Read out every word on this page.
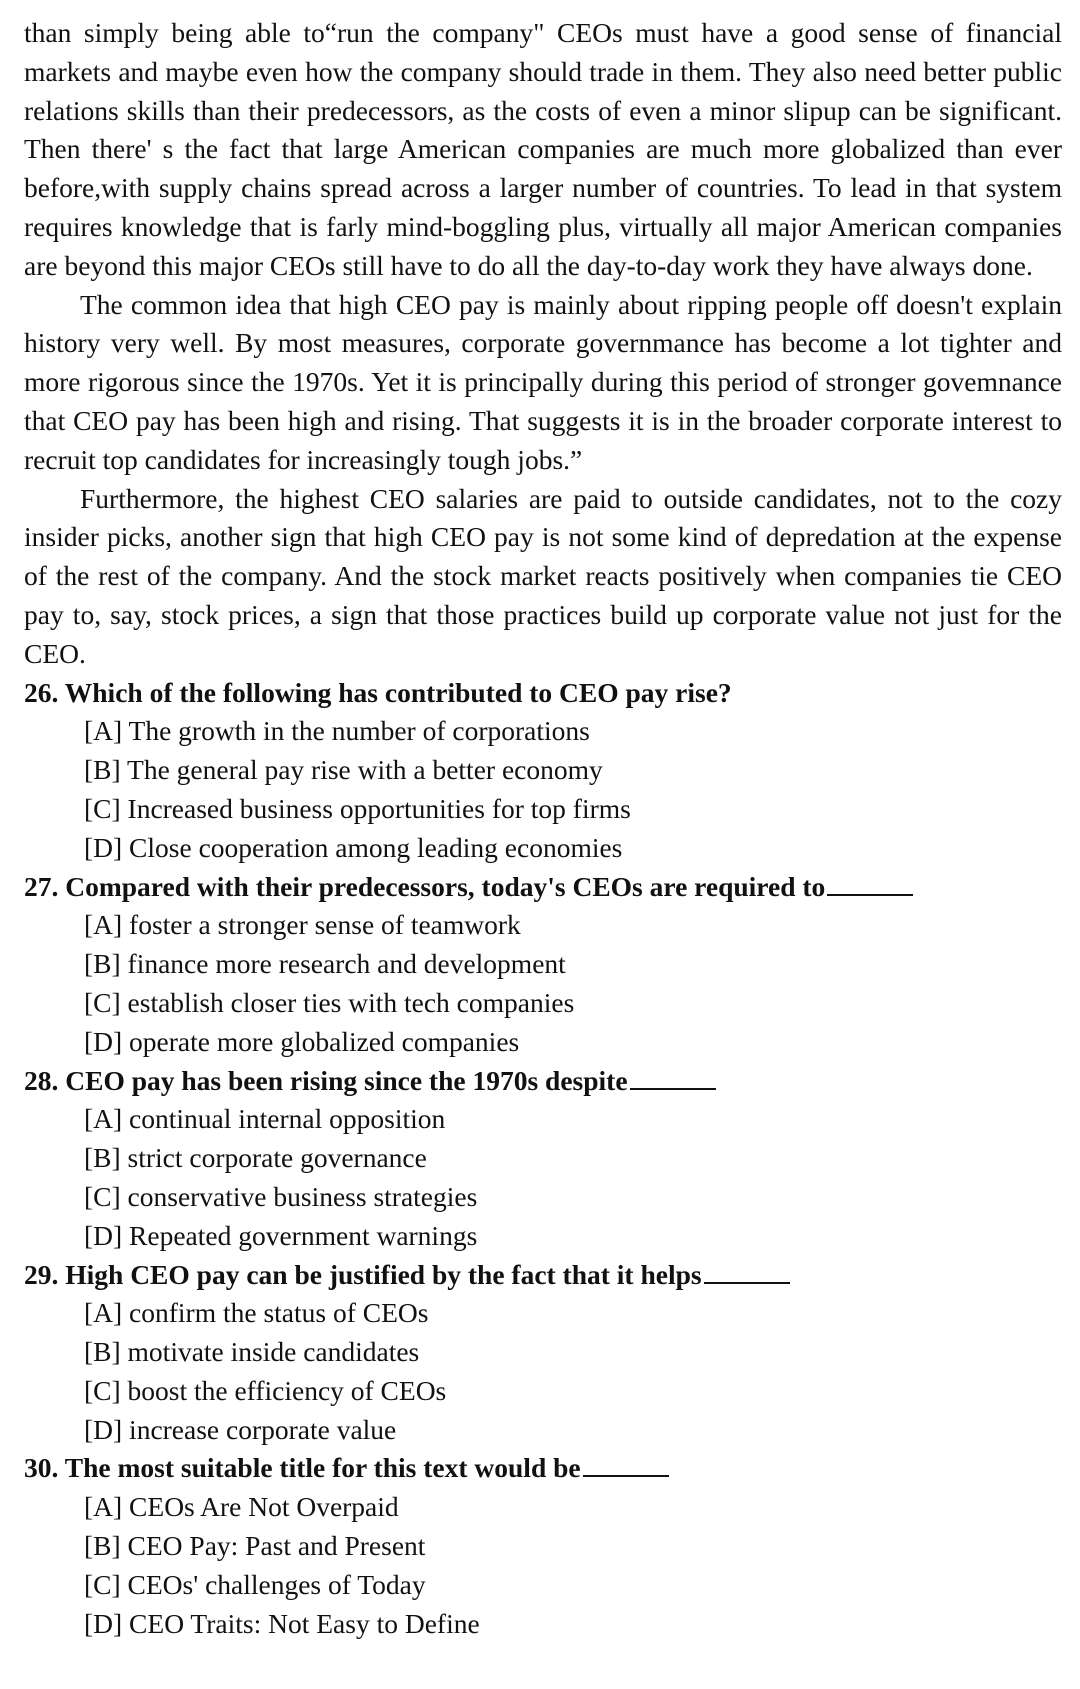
than simply being able to“run the company" CEOs must have a good sense of financial markets and maybe even how the company should trade in them. They also need better public relations skills than their predecessors, as the costs of even a minor slipup can be significant. Then there' s the fact that large American companies are much more globalized than ever before,with supply chains spread across a larger number of countries. To lead in that system requires knowledge that is farly mind-boggling plus, virtually all major American companies are beyond this major CEOs still have to do all the day-to-day work they have always done.

The common idea that high CEO pay is mainly about ripping people off doesn't explain history very well. By most measures, corporate governmance has become a lot tighter and more rigorous since the 1970s. Yet it is principally during this period of stronger govemnance that CEO pay has been high and rising. That suggests it is in the broader corporate interest to recruit top candidates for increasingly tough jobs.”

Furthermore, the highest CEO salaries are paid to outside candidates, not to the cozy insider picks, another sign that high CEO pay is not some kind of depredation at the expense of the rest of the company. And the stock market reacts positively when companies tie CEO pay to, say, stock prices, a sign that those practices build up corporate value not just for the CEO.

26. Which of the following has contributed to CEO pay rise?

[A] The growth in the number of corporations

[B] The general pay rise with a better economy

[C] Increased business opportunities for top firms

[D] Close cooperation among leading economies

27. Compared with their predecessors, today's CEOs are required to

[A] foster a stronger sense of teamwork

[B] finance more research and development

[C] establish closer ties with tech companies

[D] operate more globalized companies

28. CEO pay has been rising since the 1970s despite

[A] continual internal opposition

[B] strict corporate governance

[C] conservative business strategies

[D] Repeated government warnings

29. High CEO pay can be justified by the fact that it helps

[A] confirm the status of CEOs

[B] motivate inside candidates

[C] boost the efficiency of CEOs

[D] increase corporate value

30. The most suitable title for this text would be

[A] CEOs Are Not Overpaid

[B] CEO Pay: Past and Present

[C] CEOs' challenges of Today

[D] CEO Traits: Not Easy to Define
